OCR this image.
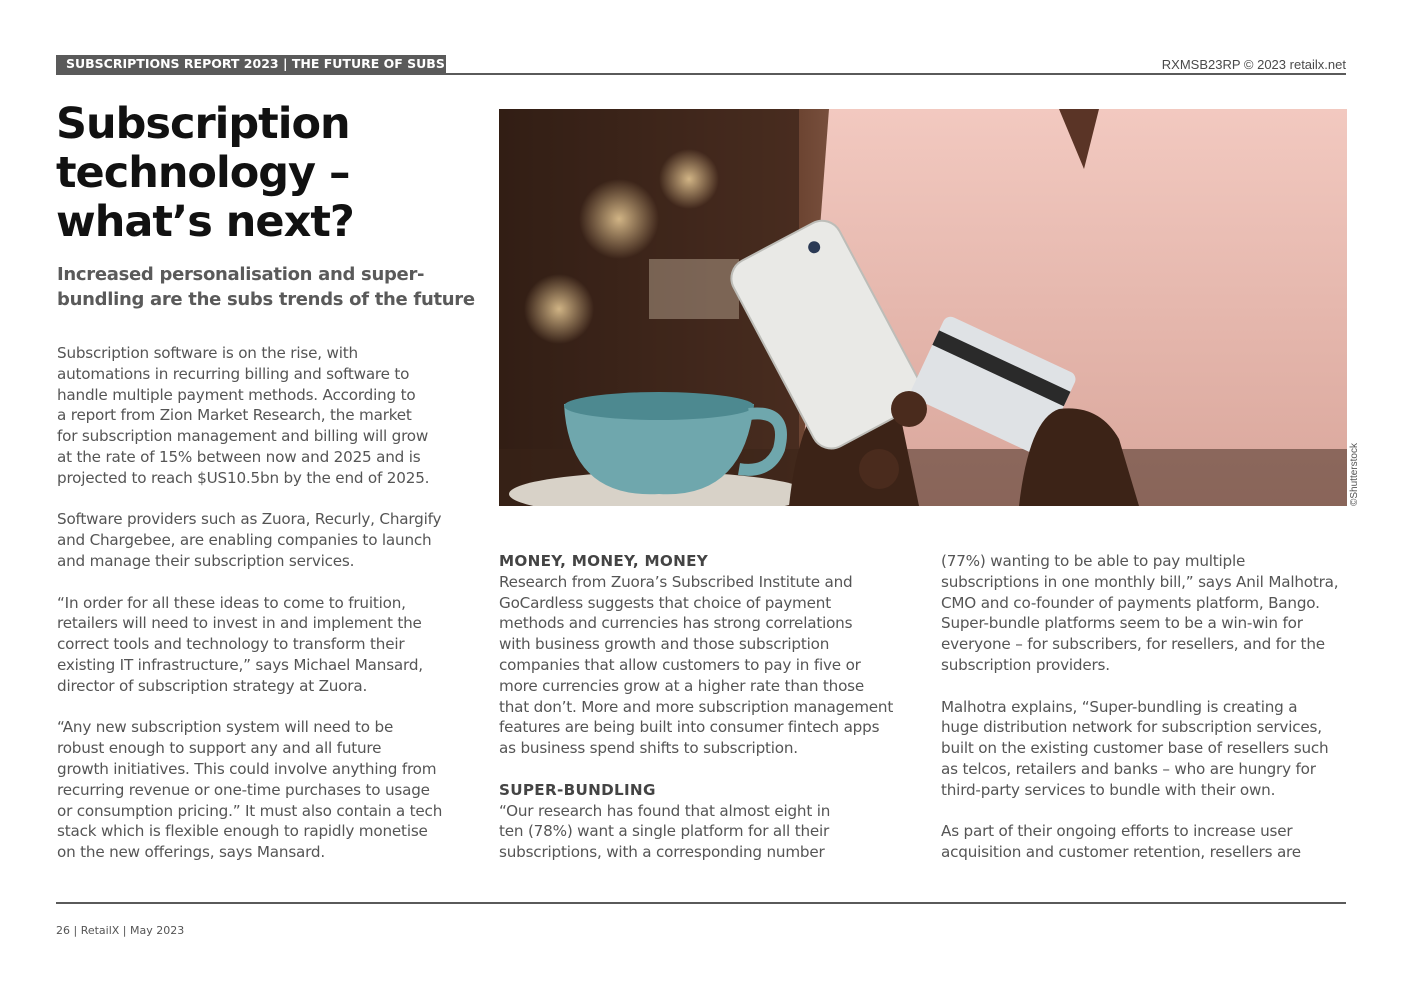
SUBSCRIPTIONS REPORT 2023 | THE FUTURE OF SUBS TECH	RXMSB23RP © 2023 retailx.net
Subscription
technology –
what’s next?
Increased personalisation and super-
bundling are the subs trends of the future

Subscription software is on the rise, with
automations in recurring billing and software to
handle multiple payment methods. According to
a report from Zion Market Research, the market
for subscription management and billing will grow
at the rate of 15% between now and 2025 and is
projected to reach $US10.5bn by the end of 2025.

Software providers such as Zuora, Recurly, Chargify
and Chargebee, are enabling companies to launch
and manage their subscription services.

“In order for all these ideas to come to fruition,
retailers will need to invest in and implement the
correct tools and technology to transform their
existing IT infrastructure,” says Michael Mansard,
director of subscription strategy at Zuora.

“Any new subscription system will need to be
robust enough to support any and all future
growth initiatives. This could involve anything from
recurring revenue or one-time purchases to usage
or consumption pricing.” It must also contain a tech
stack which is flexible enough to rapidly monetise
on the new offerings, says Mansard.

©Shutterstock
MONEY, MONEY, MONEY

Research from Zuora’s Subscribed Institute and
GoCardless suggests that choice of payment
methods and currencies has strong correlations
with business growth and those subscription
companies that allow customers to pay in five or
more currencies grow at a higher rate than those
that don’t. More and more subscription management
features are being built into consumer fintech apps
as business spend shifts to subscription.

SUPER-BUNDLING

“Our research has found that almost eight in
ten (78%) want a single platform for all their
subscriptions, with a corresponding number

(77%) wanting to be able to pay multiple
subscriptions in one monthly bill,” says Anil Malhotra,
CMO and co-founder of payments platform, Bango.
Super-bundle platforms seem to be a win-win for
everyone – for subscribers, for resellers, and for the
subscription providers.

Malhotra explains, “Super-bundling is creating a
huge distribution network for subscription services,
built on the existing customer base of resellers such
as telcos, retailers and banks – who are hungry for
third-party services to bundle with their own.

As part of their ongoing efforts to increase user
acquisition and customer retention, resellers are

26 | RetailX | May 2023
